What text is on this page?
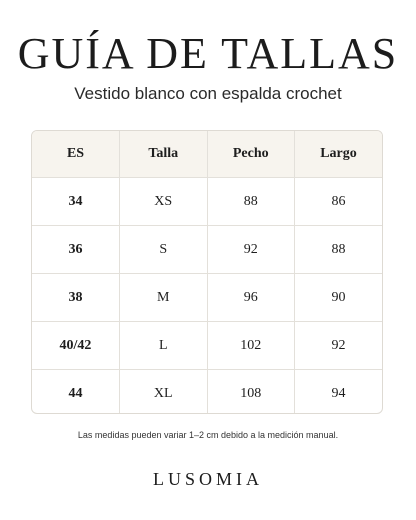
GUÍA DE TALLAS

Vestido blanco con espalda crochet

ES	Talla	Pecho	Largo
34	XS	88	86
36	S	92	88
38	M	96	90
40/42	L	102	92
44	XL	108	94

Las medidas pueden variar 1–2 cm debido a la medición manual.

LUSOMIA
